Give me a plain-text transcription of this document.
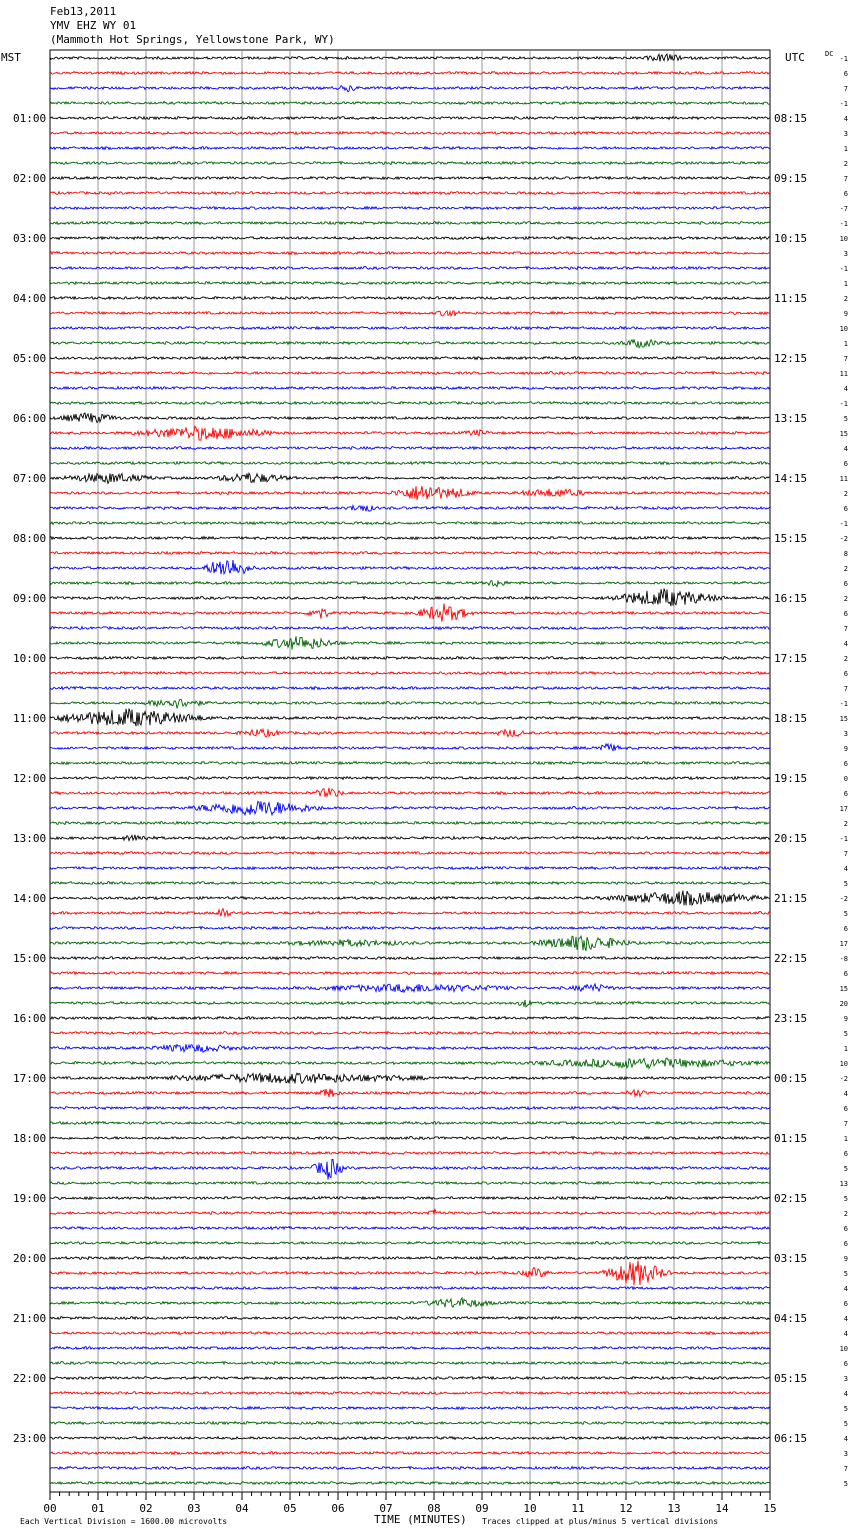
Feb13,2011
YMV EHZ WY 01
(Mammoth Hot Springs, Yellowstone Park, WY)
00	01	02	03	04	05	06	07	08	09	10	11	12	13	14	15
01:00
02:00
03:00
04:00
05:00
06:00
07:00
08:00
09:00
10:00
11:00
12:00
13:00
14:00
15:00
16:00
17:00
18:00
19:00
20:00
21:00
22:00
23:00
08:15
09:15
10:15
11:15
12:15
13:15
14:15
15:15
16:15
17:15
18:15
19:15
20:15
21:15
22:15
23:15
00:15
01:15
02:15
03:15
04:15
05:15
06:15
-1
6
7
-1
4
3
1
2
7
6
-7
-1
10
3
-1
1
2
9
10
1
7
11
4
-1
5
15
4
6
11
2
6
-1
-2
8
2
6
2
6
7
4
2
6
7
-1
15
3
9
6
0
6
17
2
-1
7
4
5
-2
5
6
17
-8
6
15
20
9
5
1
10
-2
4
6
7
1
6
5
13
5
2
6
6
9
5
4
6
4
4
10
6
3
4
5
5
4
3
7
5
MST	UTC	DC
TIME (MINUTES)
Each Vertical Division = 1600.00 microvolts	Traces clipped at plus/minus 5 vertical divisions
